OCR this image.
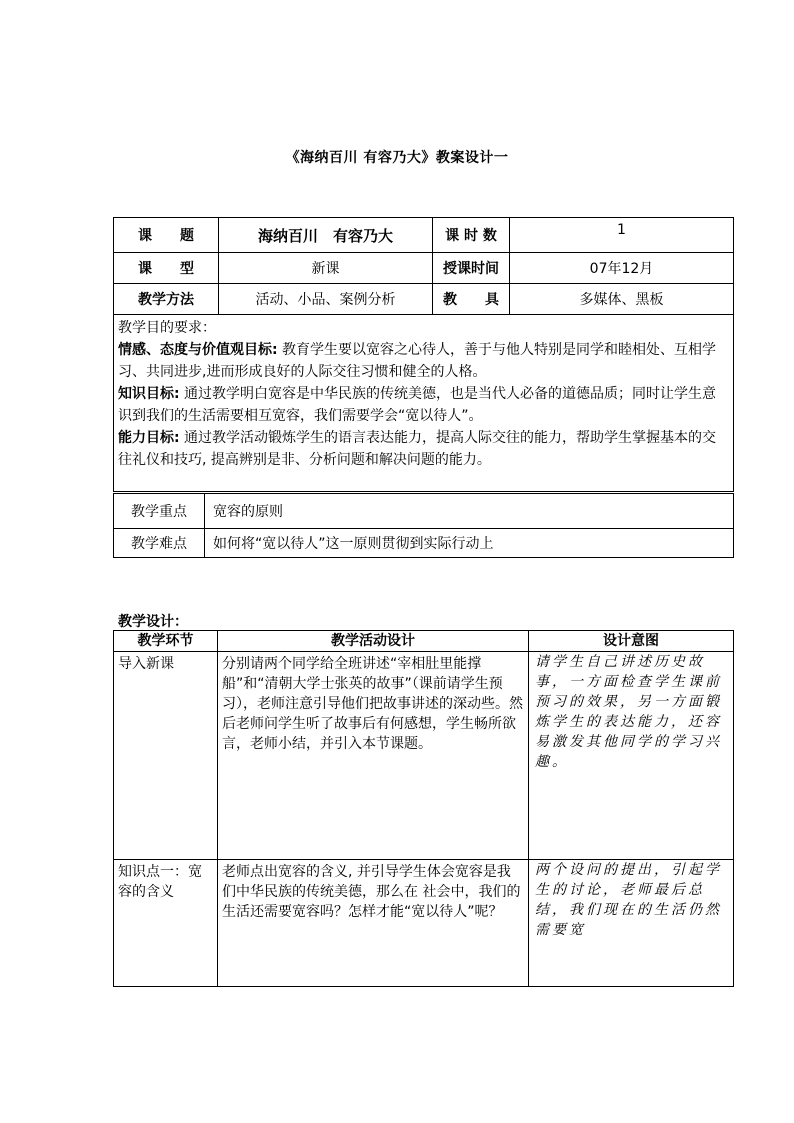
《海纳百川 有容乃大》教案设计一
课　　题	海纳百川　有容乃大	课 时 数	1
课　　型	新课	授课时间	07年12月
教学方法	活动、小品、案例分析	教　　具	多媒体、黑板

教学目的要求：

情感、态度与价值观目标: 教育学生要以宽容之心待人，善于与他人特别是同学和睦相处、互相学习、共同进步,进而形成良好的人际交往习惯和健全的人格。

知识目标: 通过教学明白宽容是中华民族的传统美德，也是当代人必备的道德品质；同时让学生意识到我们的生活需要相互宽容，我们需要学会“宽以待人”。

能力目标: 通过教学活动锻炼学生的语言表达能力，提高人际交往的能力，帮助学生掌握基本的交往礼仪和技巧, 提高辨别是非、分析问题和解决问题的能力。			

教学重点	宽容的原则
教学难点	如何将“宽以待人”这一原则贯彻到实际行动上
教学设计：
教学环节	教学活动设计	设计意图
导入新课	分别请两个同学给全班讲述“宰相肚里能撑船”和“清朝大学士张英的故事”（课前请学生预习），老师注意引导他们把故事讲述的深动些。然后老师问学生听了故事后有何感想，学生畅所欲言，老师小结，并引入本节课题。	请学生自己讲述历史故事，一方面检查学生课前预习的效果，另一方面锻炼学生的表达能力，还容易激发其他同学的学习兴趣。
知识点一：宽容的含义	老师点出宽容的含义, 并引导学生体会宽容是我们中华民族的传统美德，那么在 社会中，我们的生活还需要宽容吗？怎样才能“宽以待人”呢？	两个设问的提出，引起学生的讨论，老师最后总结，我们现在的生活仍然需要宽
